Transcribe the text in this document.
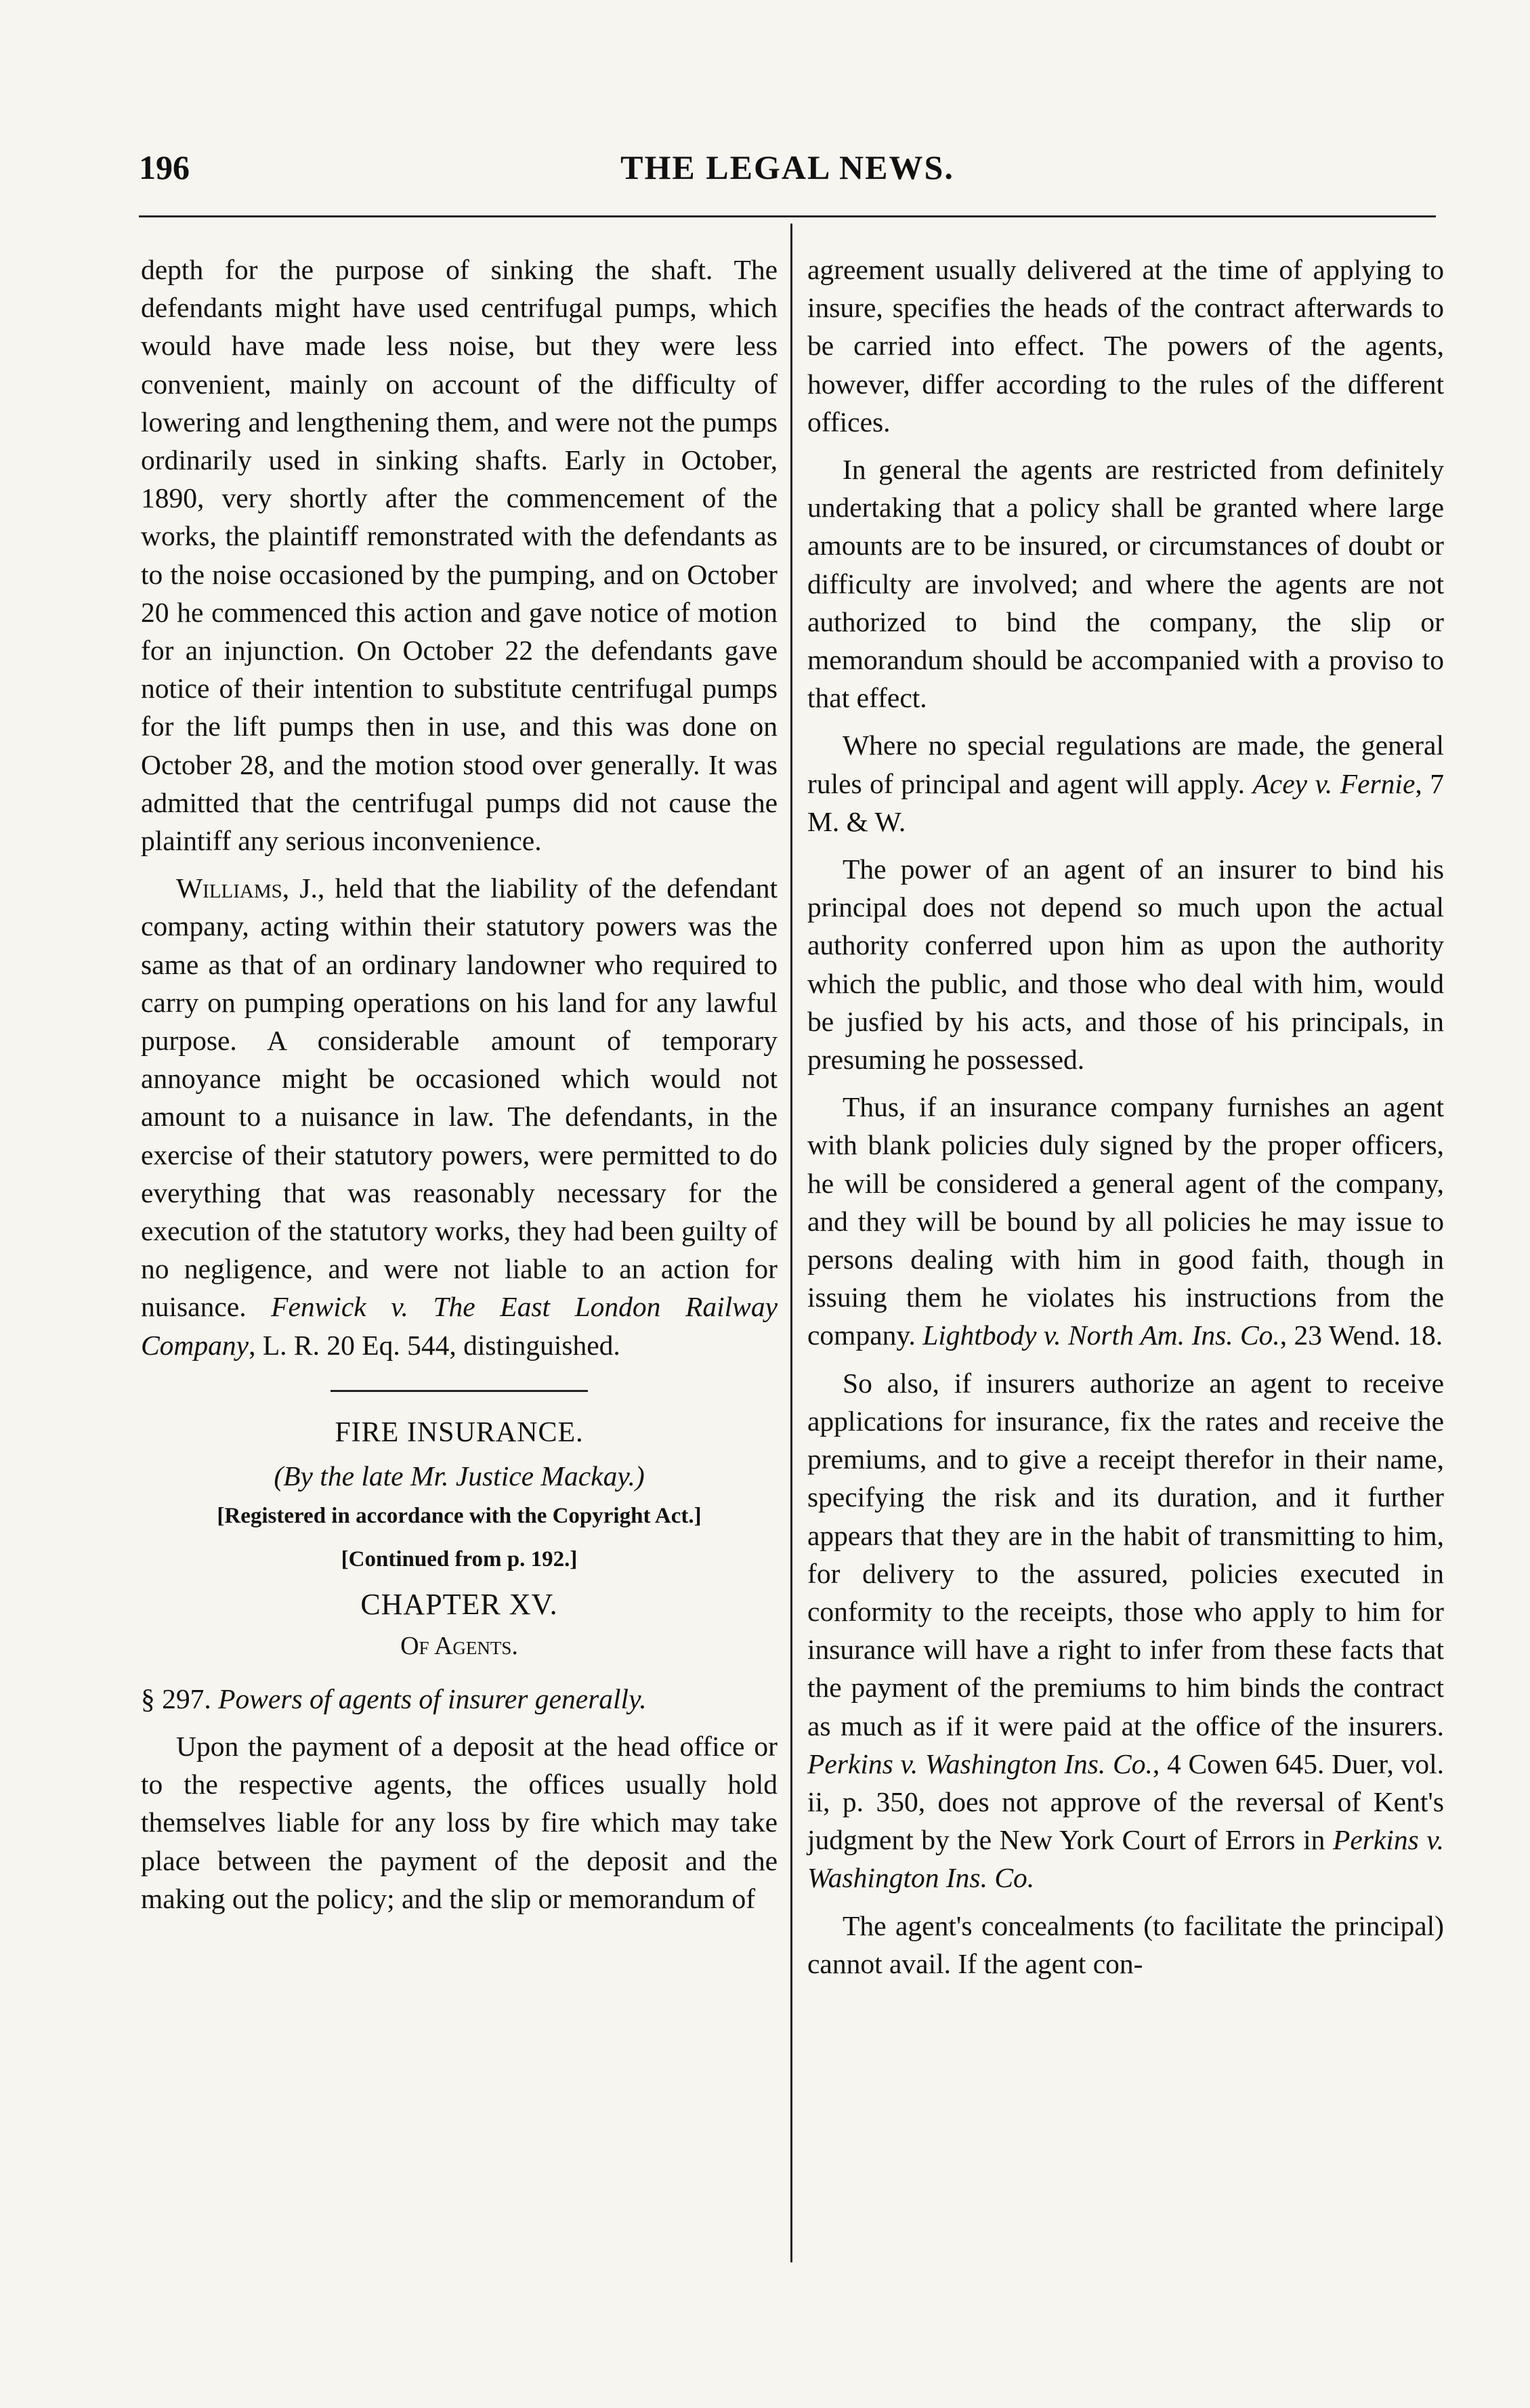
196	THE LEGAL NEWS.

depth for the purpose of sinking the shaft. The defendants might have used centrifugal pumps, which would have made less noise, but they were less convenient, mainly on account of the difficulty of lowering and lengthening them, and were not the pumps ordinarily used in sinking shafts. Early in October, 1890, very shortly after the commencement of the works, the plaintiff remonstrated with the defendants as to the noise occasioned by the pumping, and on October 20 he commenced this action and gave notice of motion for an injunction. On October 22 the defendants gave notice of their intention to substitute centrifugal pumps for the lift pumps then in use, and this was done on October 28, and the motion stood over generally. It was admitted that the centrifugal pumps did not cause the plaintiff any serious inconvenience.

Williams, J., held that the liability of the defendant company, acting within their statutory powers was the same as that of an ordinary landowner who required to carry on pumping operations on his land for any lawful purpose. A considerable amount of temporary annoyance might be occasioned which would not amount to a nuisance in law. The defendants, in the exercise of their statutory powers, were permitted to do everything that was reasonably necessary for the execution of the statutory works, they had been guilty of no negligence, and were not liable to an action for nuisance. Fenwick v. The East London Railway Company, L. R. 20 Eq. 544, distinguished.

FIRE INSURANCE.
(By the late Mr. Justice Mackay.)

[Registered in accordance with the Copyright Act.]

[Continued from p. 192.]

CHAPTER XV.
Of Agents.

§ 297. Powers of agents of insurer generally.

Upon the payment of a deposit at the head office or to the respective agents, the offices usually hold themselves liable for any loss by fire which may take place between the payment of the deposit and the making out the policy; and the slip or memorandum of

agreement usually delivered at the time of applying to insure, specifies the heads of the contract afterwards to be carried into effect. The powers of the agents, however, differ according to the rules of the different offices.

In general the agents are restricted from definitely undertaking that a policy shall be granted where large amounts are to be insured, or circumstances of doubt or difficulty are involved; and where the agents are not authorized to bind the company, the slip or memorandum should be accompanied with a proviso to that effect.

Where no special regulations are made, the general rules of principal and agent will apply. Acey v. Fernie, 7 M. & W.

The power of an agent of an insurer to bind his principal does not depend so much upon the actual authority conferred upon him as upon the authority which the public, and those who deal with him, would be jusfied by his acts, and those of his principals, in presuming he possessed.

Thus, if an insurance company furnishes an agent with blank policies duly signed by the proper officers, he will be considered a general agent of the company, and they will be bound by all policies he may issue to persons dealing with him in good faith, though in issuing them he violates his instructions from the company. Lightbody v. North Am. Ins. Co., 23 Wend. 18.

So also, if insurers authorize an agent to receive applications for insurance, fix the rates and receive the premiums, and to give a receipt therefor in their name, specifying the risk and its duration, and it further appears that they are in the habit of transmitting to him, for delivery to the assured, policies executed in conformity to the receipts, those who apply to him for insurance will have a right to infer from these facts that the payment of the premiums to him binds the contract as much as if it were paid at the office of the insurers. Perkins v. Washington Ins. Co., 4 Cowen 645. Duer, vol. ii, p. 350, does not approve of the reversal of Kent's judgment by the New York Court of Errors in Perkins v. Washington Ins. Co.

The agent's concealments (to facilitate the principal) cannot avail. If the agent con-
